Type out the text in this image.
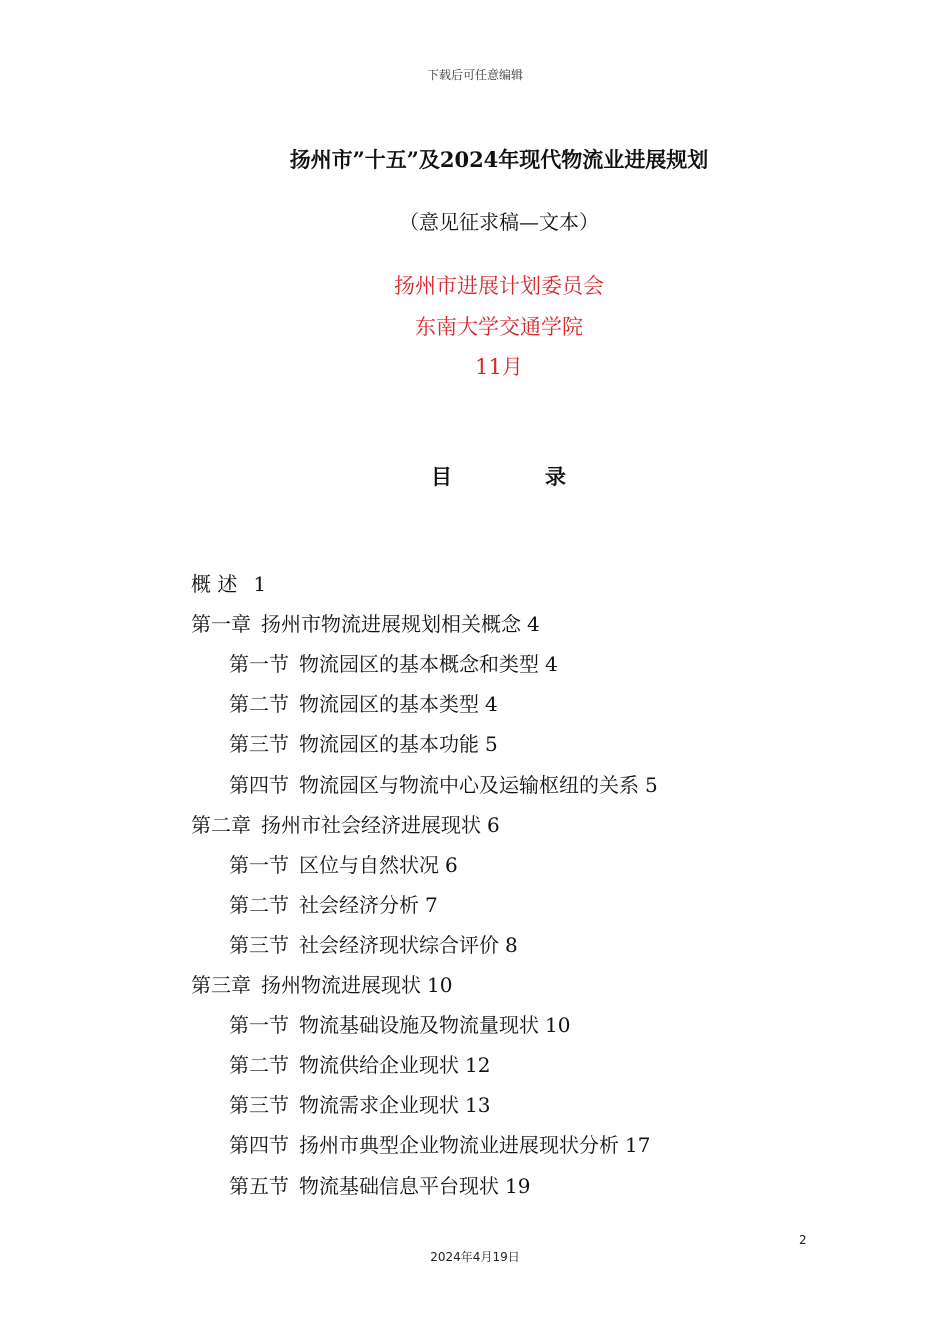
下载后可任意编辑
扬州市”十五”及2024年现代物流业进展规划
（意见征求稿—文本）
扬州市进展计划委员会
东南大学交通学院
11月
目	录
概 述 1
第一章 扬州市物流进展规划相关概念 4
第一节 物流园区的基本概念和类型 4
第二节 物流园区的基本类型 4
第三节 物流园区的基本功能 5
第四节 物流园区与物流中心及运输枢纽的关系 5
第二章 扬州市社会经济进展现状 6
第一节 区位与自然状况 6
第二节 社会经济分析 7
第三节 社会经济现状综合评价 8
第三章 扬州物流进展现状 10
第一节 物流基础设施及物流量现状 10
第二节 物流供给企业现状 12
第三节 物流需求企业现状 13
第四节 扬州市典型企业物流业进展现状分析 17
第五节 物流基础信息平台现状 19
2
2024年4月19日
